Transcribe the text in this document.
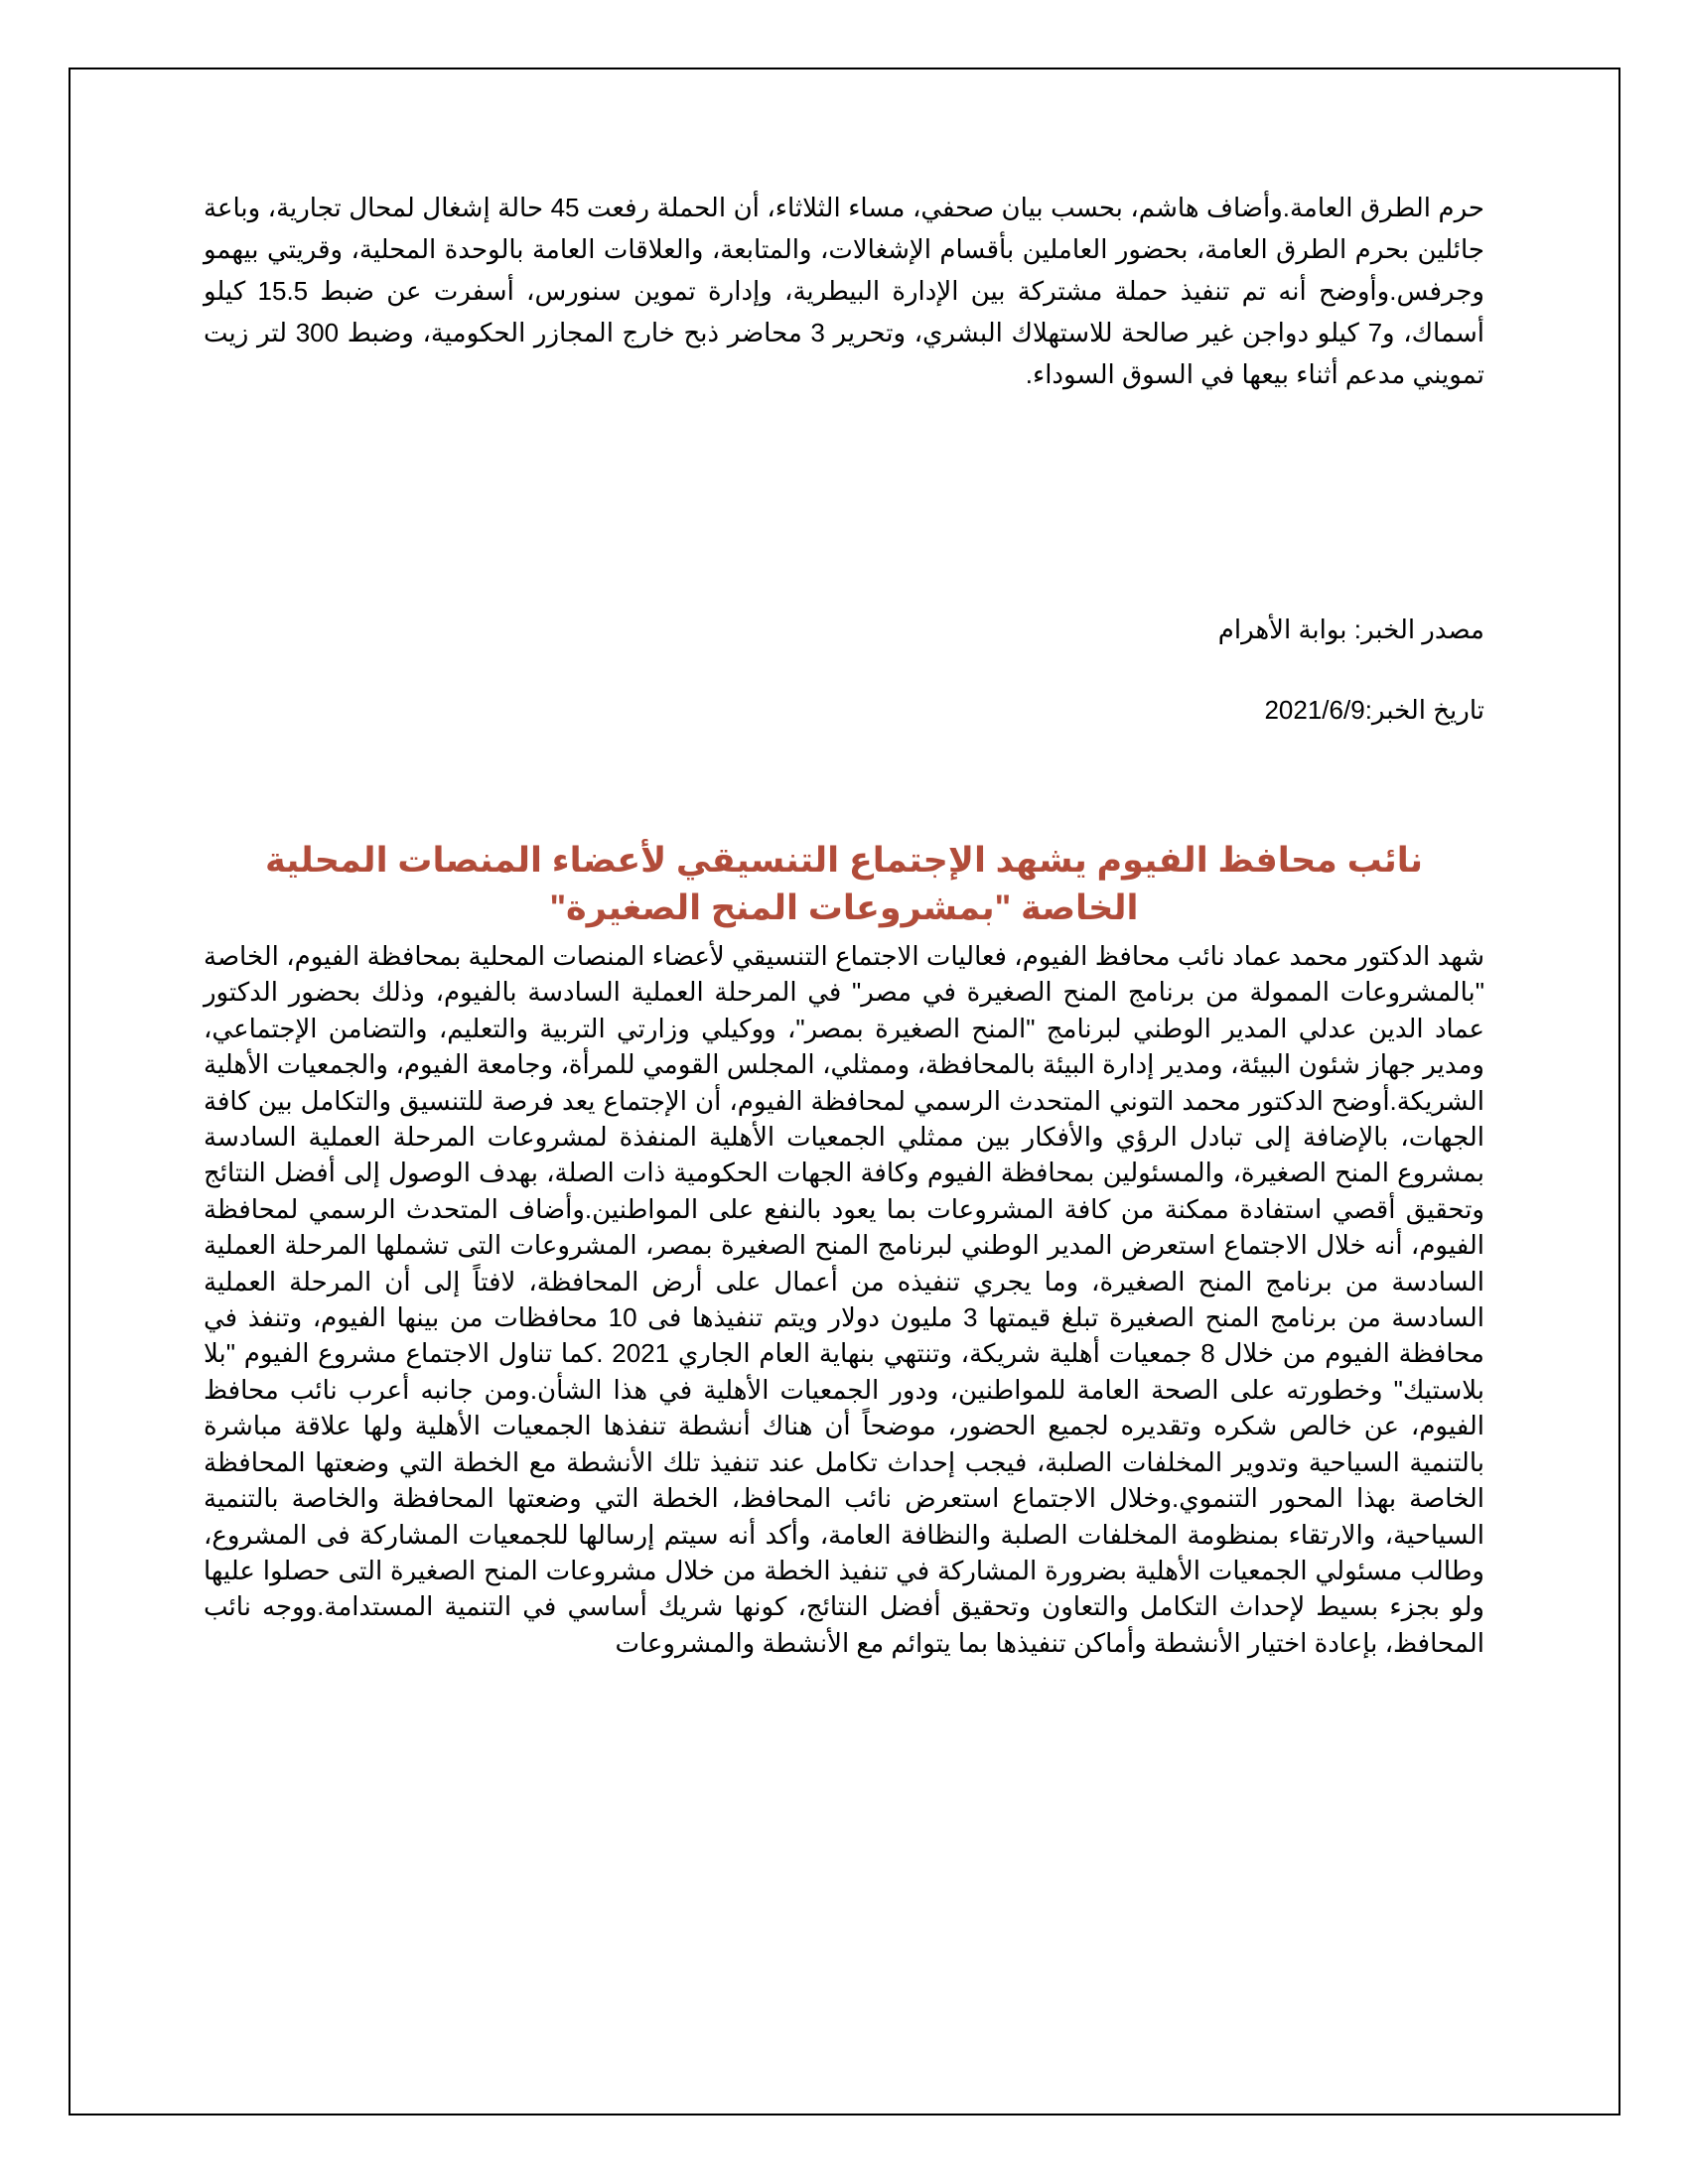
حرم الطرق العامة.وأضاف هاشم، بحسب بيان صحفي، مساء الثلاثاء، أن الحملة رفعت 45 حالة إشغال لمحال تجارية، وباعة جائلين بحرم الطرق العامة، بحضور العاملين بأقسام الإشغالات، والمتابعة، والعلاقات العامة بالوحدة المحلية، وقريتي بيهمو وجرفس.وأوضح أنه تم تنفيذ حملة مشتركة بين الإدارة البيطرية، وإدارة تموين سنورس، أسفرت عن ضبط 15.5 كيلو أسماك، و7 كيلو دواجن غير صالحة للاستهلاك البشري، وتحرير 3 محاضر ذبح خارج المجازر الحكومية، وضبط 300 لتر زيت تمويني مدعم أثناء بيعها في السوق السوداء.

مصدر الخبر: بوابة الأهرام

تاريخ الخبر:2021/6/9

نائب محافظ الفيوم يشهد الإجتماع التنسيقي لأعضاء المنصات المحلية الخاصة "بمشروعات المنح الصغيرة"

شهد الدكتور محمد عماد نائب محافظ الفيوم، فعاليات الاجتماع التنسيقي لأعضاء المنصات المحلية بمحافظة الفيوم، الخاصة "بالمشروعات الممولة من برنامج المنح الصغيرة في مصر" في المرحلة العملية السادسة بالفيوم، وذلك بحضور الدكتور عماد الدين عدلي المدير الوطني لبرنامج "المنح الصغيرة بمصر"، ووكيلي وزارتي التربية والتعليم، والتضامن الإجتماعي، ومدير جهاز شئون البيئة، ومدير إدارة البيئة بالمحافظة، وممثلي، المجلس القومي للمرأة، وجامعة الفيوم، والجمعيات الأهلية الشريكة.أوضح الدكتور محمد التوني المتحدث الرسمي لمحافظة الفيوم، أن الإجتماع يعد فرصة للتنسيق والتكامل بين كافة الجهات، بالإضافة إلى تبادل الرؤي والأفكار بين ممثلي الجمعيات الأهلية المنفذة لمشروعات المرحلة العملية السادسة بمشروع المنح الصغيرة، والمسئولين بمحافظة الفيوم وكافة الجهات الحكومية ذات الصلة، بهدف الوصول إلى أفضل النتائج وتحقيق أقصي استفادة ممكنة من كافة المشروعات بما يعود بالنفع على المواطنين.وأضاف المتحدث الرسمي لمحافظة الفيوم، أنه خلال الاجتماع استعرض المدير الوطني لبرنامج المنح الصغيرة بمصر، المشروعات التى تشملها المرحلة العملية السادسة من برنامج المنح الصغيرة، وما يجري تنفيذه من أعمال على أرض المحافظة، لافتاً إلى أن المرحلة العملية السادسة من برنامج المنح الصغيرة تبلغ قيمتها 3 مليون دولار ويتم تنفيذها فى 10 محافظات من بينها الفيوم، وتنفذ في محافظة الفيوم من خلال 8 جمعيات أهلية شريكة، وتنتهي بنهاية العام الجاري 2021 .كما تناول الاجتماع مشروع الفيوم "بلا بلاستيك" وخطورته على الصحة العامة للمواطنين، ودور الجمعيات الأهلية في هذا الشأن.ومن جانبه أعرب نائب محافظ الفيوم، عن خالص شكره وتقديره لجميع الحضور، موضحاً أن هناك أنشطة تنفذها الجمعيات الأهلية ولها علاقة مباشرة بالتنمية السياحية وتدوير المخلفات الصلبة، فيجب إحداث تكامل عند تنفيذ تلك الأنشطة مع الخطة التي وضعتها المحافظة الخاصة بهذا المحور التنموي.وخلال الاجتماع استعرض نائب المحافظ، الخطة التي وضعتها المحافظة والخاصة بالتنمية السياحية، والارتقاء بمنظومة المخلفات الصلبة والنظافة العامة، وأكد أنه سيتم إرسالها للجمعيات المشاركة فى المشروع، وطالب مسئولي الجمعيات الأهلية بضرورة المشاركة في تنفيذ الخطة من خلال مشروعات المنح الصغيرة التى حصلوا عليها ولو بجزء بسيط لإحداث التكامل والتعاون وتحقيق أفضل النتائج، كونها شريك أساسي في التنمية المستدامة.ووجه نائب المحافظ، بإعادة اختيار الأنشطة وأماكن تنفيذها بما يتوائم مع الأنشطة والمشروعات
